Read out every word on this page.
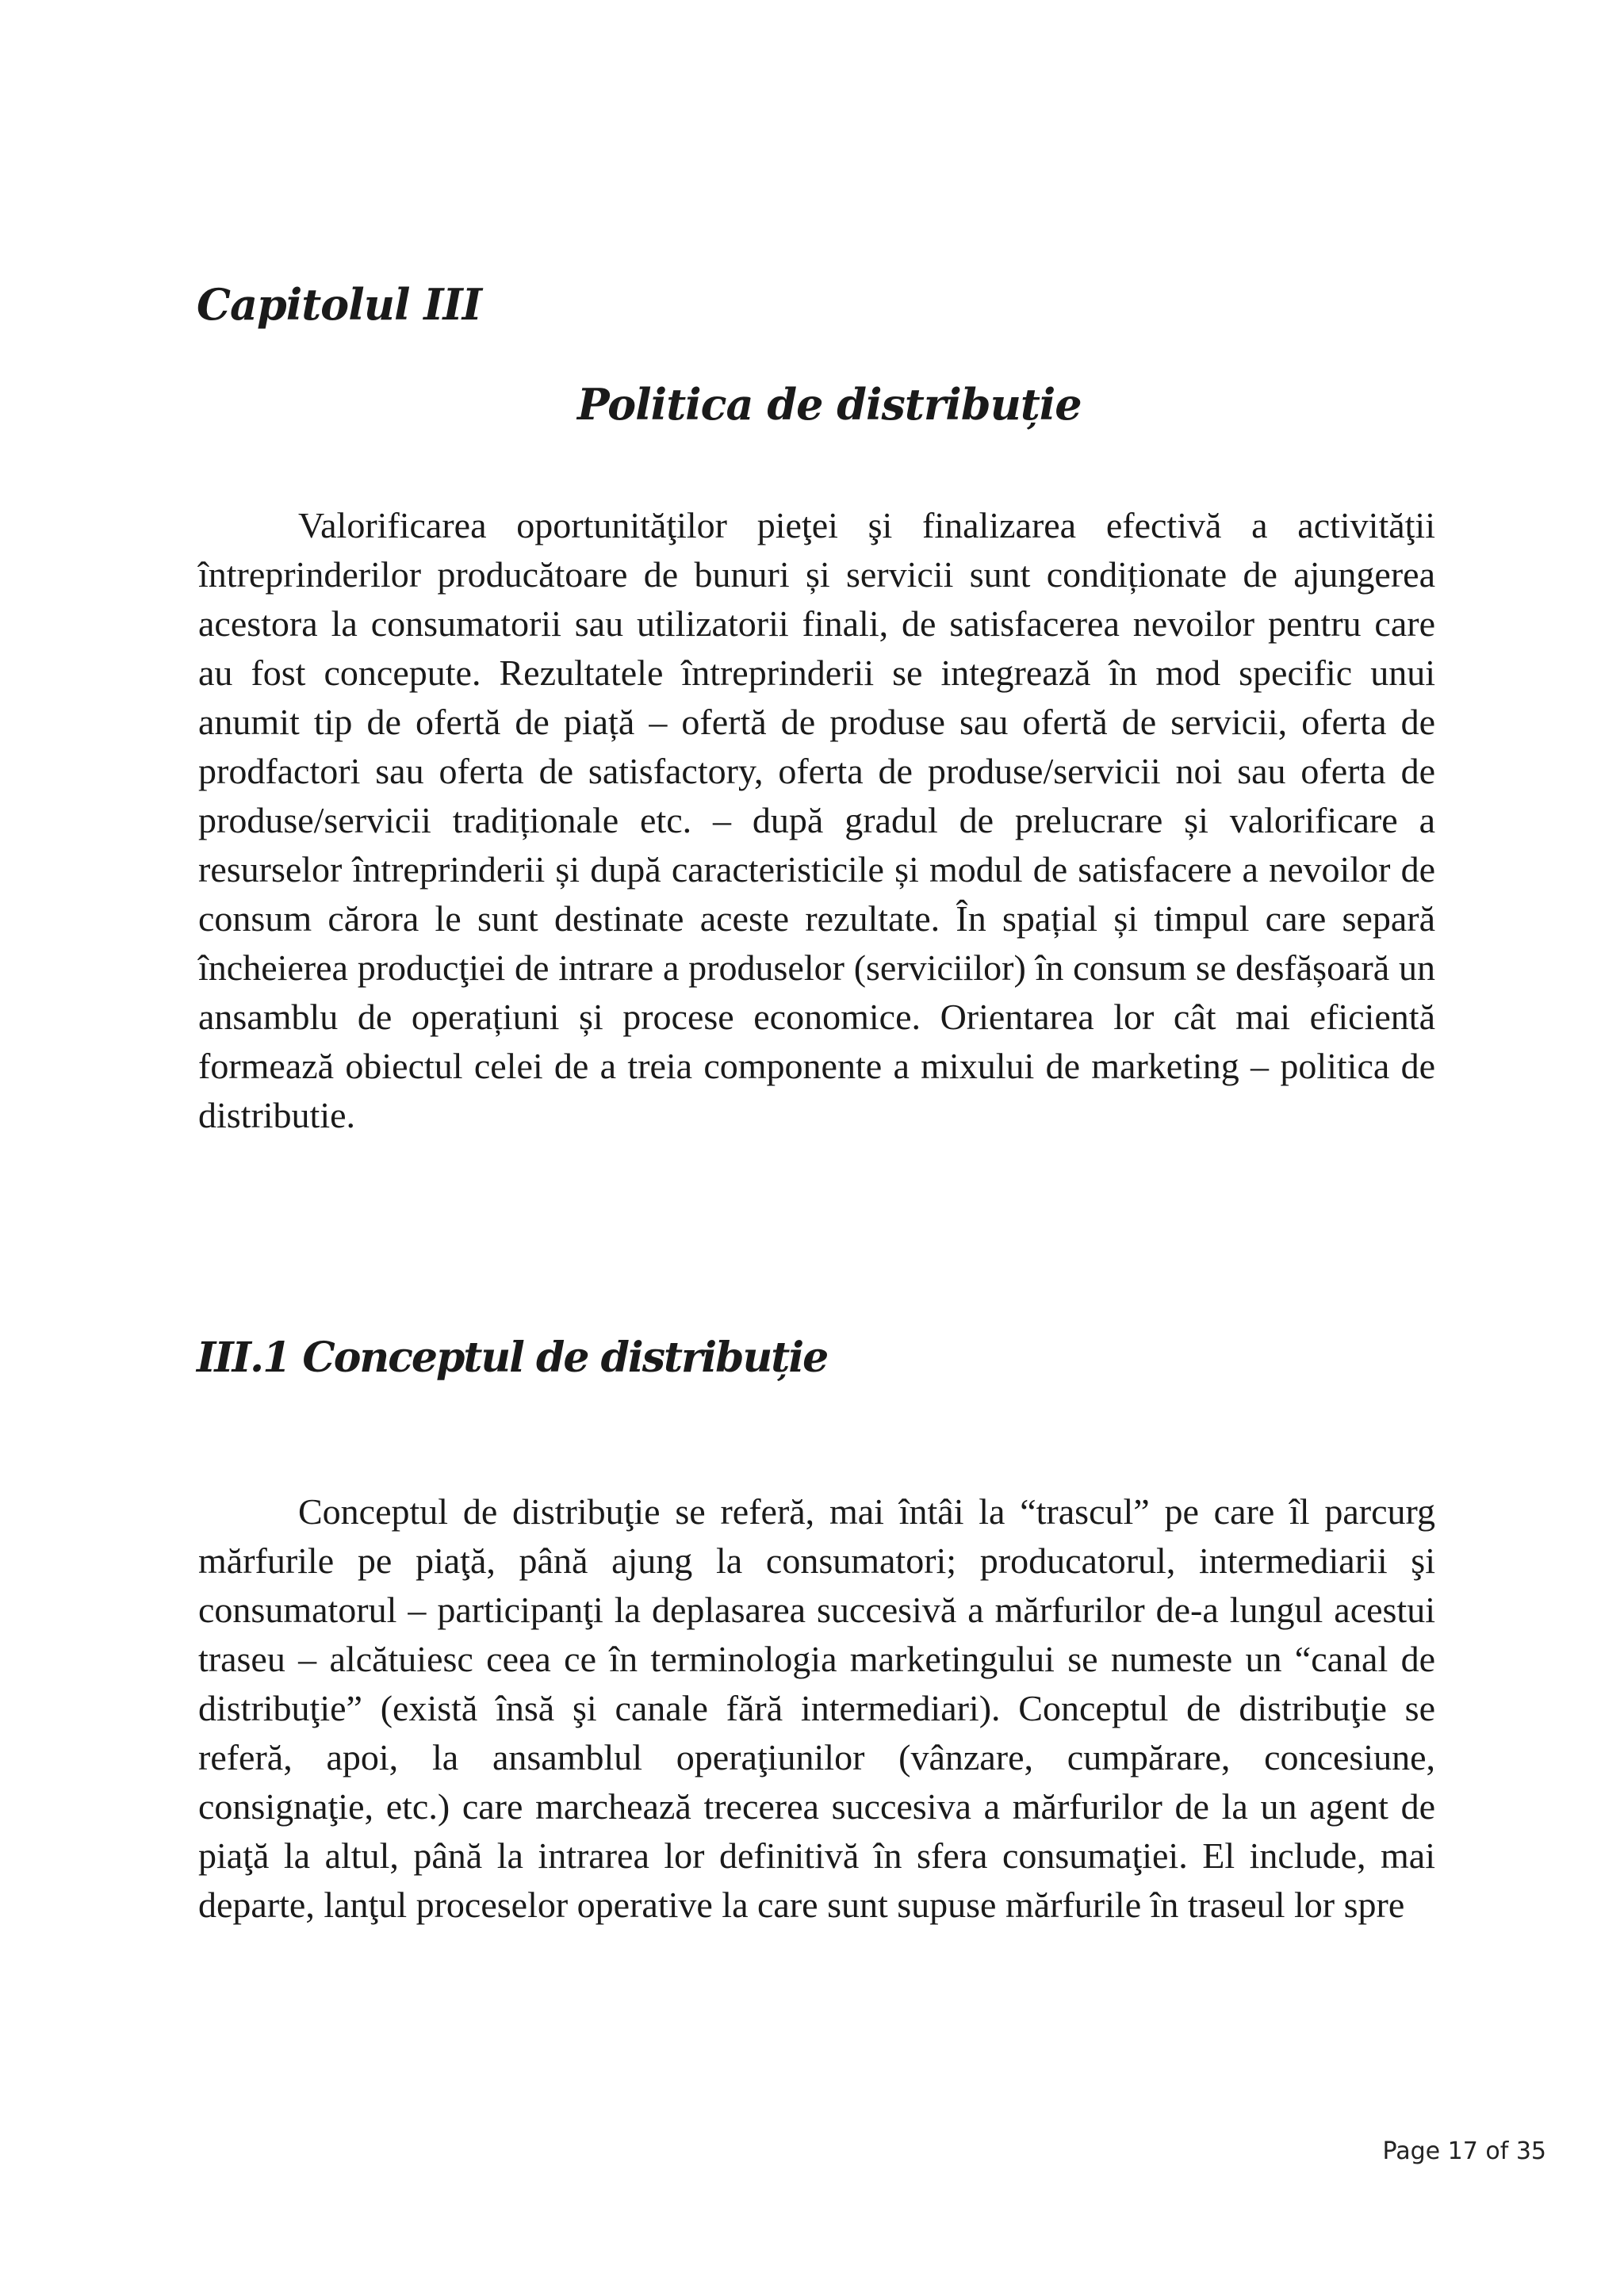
Capitolul III
Politica de distribuție

Valorificarea oportunităţilor pieţei şi finalizarea efectivă a activităţii întreprinderilor producătoare de bunuri și servicii sunt condiționate de ajungerea acestora la consumatorii sau utilizatorii finali, de satisfacerea nevoilor pentru care au fost concepute. Rezultatele întreprinderii se integrează în mod specific unui anumit tip de ofertă de piață – ofertă de produse sau ofertă de servicii, oferta de prodfactori sau oferta de satisfactory, oferta de produse/servicii noi sau oferta de produse/servicii tradiționale etc. – după gradul de prelucrare și valorificare a resurselor întreprinderii și după caracteristicile și modul de satisfacere a nevoilor de consum cărora le sunt destinate aceste rezultate. În spațial și timpul care separă încheierea producţiei de intrare a produselor (serviciilor) în consum se desfășoară un ansamblu de operațiuni și procese economice. Orientarea lor cât mai eficientă formează obiectul celei de a treia componente a mixului de marketing – politica de distributie.

III.1 Conceptul de distribuție

Conceptul de distribuţie se referă, mai întâi la “trascul” pe care îl parcurg mărfurile pe piaţă, până ajung la consumatori; producatorul, intermediarii şi consumatorul – participanţi la deplasarea succesivă a mărfurilor de-a lungul acestui traseu – alcătuiesc ceea ce în terminologia marketingului se numeste un “canal de distribuţie” (există însă şi canale fără intermediari). Conceptul de distribuţie se referă, apoi, la ansamblul operaţiunilor (vânzare, cumpărare, concesiune, consignaţie, etc.) care marchează trecerea succesiva a mărfurilor de la un agent de piaţă la altul, până la intrarea lor definitivă în sfera consumaţiei. El include, mai departe, lanţul proceselor operative la care sunt supuse mărfurile în traseul lor spre

Page 17 of 35
